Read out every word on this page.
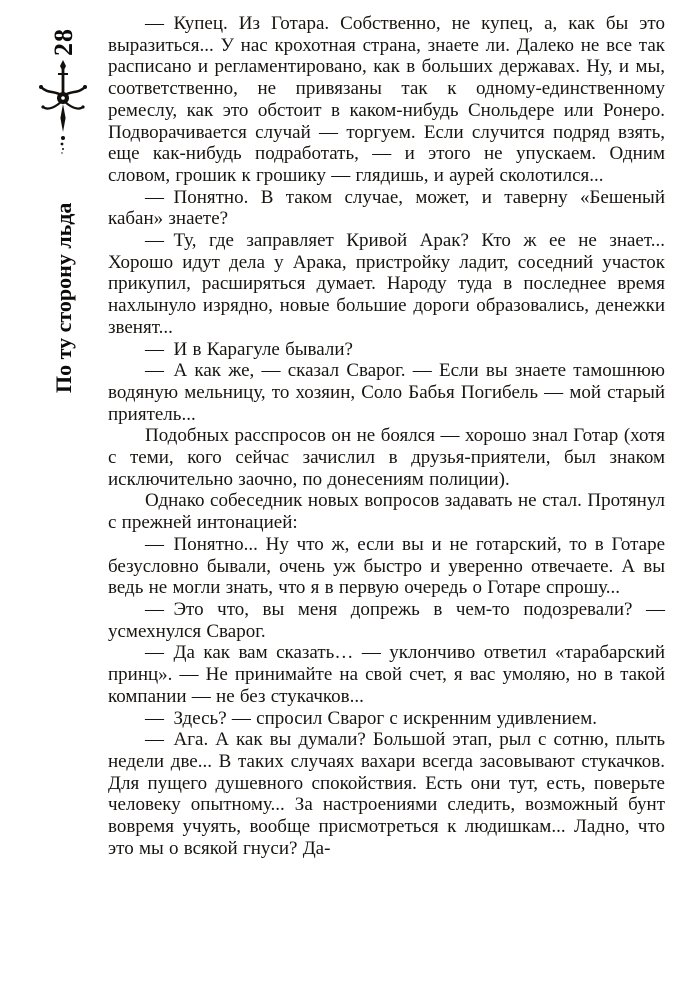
28
По ту сторону льда

— Купец. Из Готара. Собственно, не купец, а, как бы это выразиться... У нас крохотная страна, знаете ли. Далеко не все так расписано и регламентировано, как в больших державах. Ну, и мы, соответственно, не привязаны так к одному-единственному ремеслу, как это обстоит в каком-нибудь Снольдере или Ронеро. Подворачивается случай — торгуем. Если случится подряд взять, еще как-нибудь подработать, — и этого не упускаем. Одним словом, грошик к грошику — глядишь, и аурей сколотился...

— Понятно. В таком случае, может, и таверну «Бешеный кабан» знаете?

— Ту, где заправляет Кривой Арак? Кто ж ее не знает... Хорошо идут дела у Арака, пристройку ладит, соседний участок прикупил, расширяться думает. Народу туда в последнее время нахлынуло изрядно, новые большие дороги образовались, денежки звенят...

— И в Карагуле бывали?

— А как же, — сказал Сварог. — Если вы знаете тамошнюю водяную мельницу, то хозяин, Соло Бабья Погибель — мой старый приятель...

Подобных расспросов он не боялся — хорошо знал Готар (хотя с теми, кого сейчас зачислил в друзья-приятели, был знаком исключительно заочно, по донесениям полиции).

Однако собеседник новых вопросов задавать не стал. Протянул с прежней интонацией:

— Понятно... Ну что ж, если вы и не готарский, то в Готаре безусловно бывали, очень уж быстро и уверенно отвечаете. А вы ведь не могли знать, что я в первую очередь о Готаре спрошу...

— Это что, вы меня допрежь в чем-то подозревали? — усмехнулся Сварог.

— Да как вам сказать… — уклончиво ответил «тарабарский принц». — Не принимайте на свой счет, я вас умоляю, но в такой компании — не без стукачков...

— Здесь? — спросил Сварог с искренним удивлением.

— Ага. А как вы думали? Большой этап, рыл с сотню, плыть недели две... В таких случаях вахари всегда засовывают стукачков. Для пущего душевного спокойствия. Есть они тут, есть, поверьте человеку опытному... За настроениями следить, возможный бунт вовремя учуять, вообще присмотреться к людишкам... Ладно, что это мы о всякой гнуси? Да-
